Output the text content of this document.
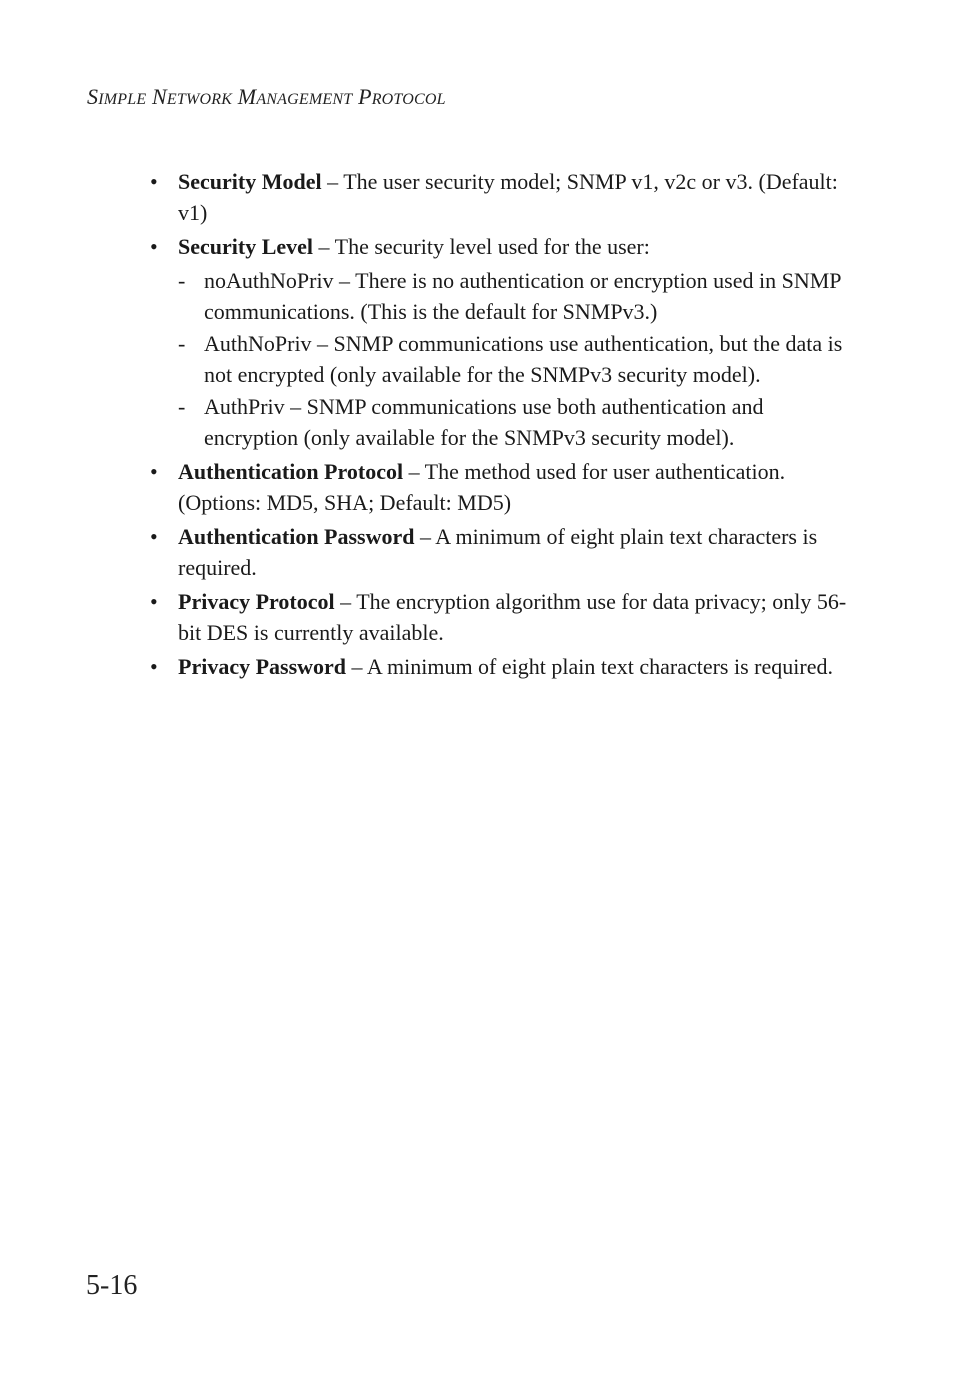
SIMPLE NETWORK MANAGEMENT PROTOCOL
• Security Model – The user security model; SNMP v1, v2c or v3. (Default: v1)
• Security Level – The security level used for the user:
- noAuthNoPriv – There is no authentication or encryption used in SNMP communications. (This is the default for SNMPv3.)
- AuthNoPriv – SNMP communications use authentication, but the data is not encrypted (only available for the SNMPv3 security model).
- AuthPriv – SNMP communications use both authentication and encryption (only available for the SNMPv3 security model).
• Authentication Protocol – The method used for user authentication. (Options: MD5, SHA; Default: MD5)
• Authentication Password – A minimum of eight plain text characters is required.
• Privacy Protocol – The encryption algorithm use for data privacy; only 56-bit DES is currently available.
• Privacy Password – A minimum of eight plain text characters is required.
5-16
